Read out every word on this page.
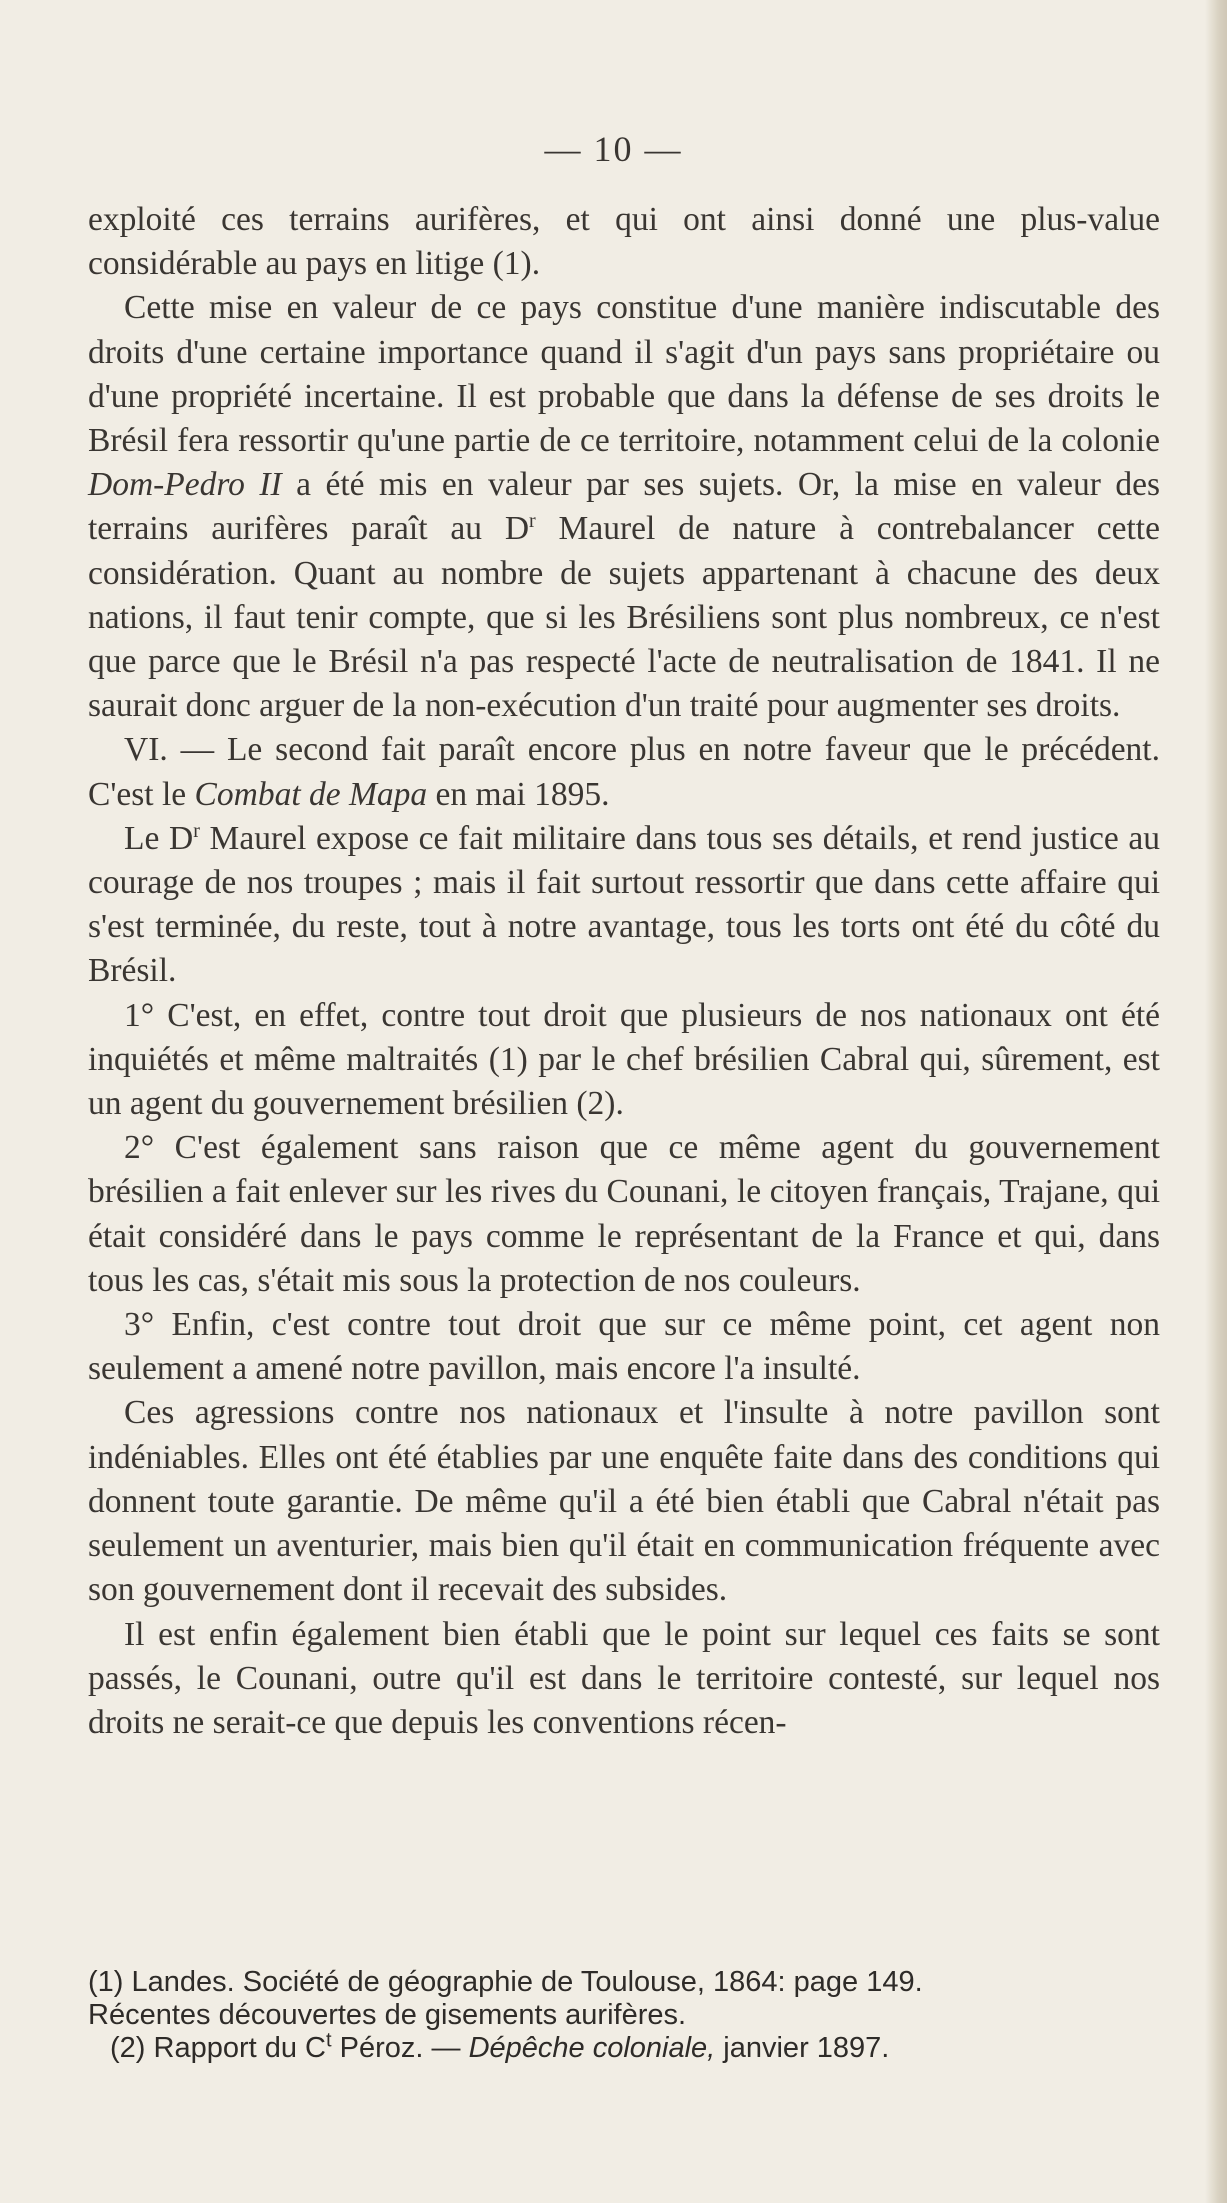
— 10 —

exploité ces terrains aurifères, et qui ont ainsi donné une plus-value considérable au pays en litige (1).

Cette mise en valeur de ce pays constitue d'une manière indiscutable des droits d'une certaine importance quand il s'agit d'un pays sans propriétaire ou d'une propriété incertaine. Il est probable que dans la défense de ses droits le Brésil fera ressortir qu'une partie de ce territoire, notamment celui de la colonie Dom-Pedro II a été mis en valeur par ses sujets. Or, la mise en valeur des terrains aurifères paraît au $D^r$ Maurel de nature à contrebalancer cette considération. Quant au nombre de sujets appartenant à chacune des deux nations, il faut tenir compte, que si les Brésiliens sont plus nombreux, ce n'est que parce que le Brésil n'a pas respecté l'acte de neutralisation de 1841. Il ne saurait donc arguer de la non-exécution d'un traité pour augmenter ses droits.

VI. — Le second fait paraît encore plus en notre faveur que le précédent. C'est le Combat de Mapa en mai 1895.

Le $D^r$ Maurel expose ce fait militaire dans tous ses détails, et rend justice au courage de nos troupes ; mais il fait surtout ressortir que dans cette affaire qui s'est terminée, du reste, tout à notre avantage, tous les torts ont été du côté du Brésil.

1° C'est, en effet, contre tout droit que plusieurs de nos nationaux ont été inquiétés et même maltraités (1) par le chef brésilien Cabral qui, sûrement, est un agent du gouvernement brésilien (2).

2° C'est également sans raison que ce même agent du gouvernement brésilien a fait enlever sur les rives du Counani, le citoyen français, Trajane, qui était considéré dans le pays comme le représentant de la France et qui, dans tous les cas, s'était mis sous la protection de nos couleurs.

3° Enfin, c'est contre tout droit que sur ce même point, cet agent non seulement a amené notre pavillon, mais encore l'a insulté.

Ces agressions contre nos nationaux et l'insulte à notre pavillon sont indéniables. Elles ont été établies par une enquête faite dans des conditions qui donnent toute garantie. De même qu'il a été bien établi que Cabral n'était pas seulement un aventurier, mais bien qu'il était en communication fréquente avec son gouvernement dont il recevait des subsides.

Il est enfin également bien établi que le point sur lequel ces faits se sont passés, le Counani, outre qu'il est dans le territoire contesté, sur lequel nos droits ne serait-ce que depuis les conventions récen-

(1) Landes. Société de géographie de Toulouse, 1864: page 149.

Récentes découvertes de gisements aurifères.

(2) Rapport du $C^t$ Péroz. — Dépêche coloniale, janvier 1897.
